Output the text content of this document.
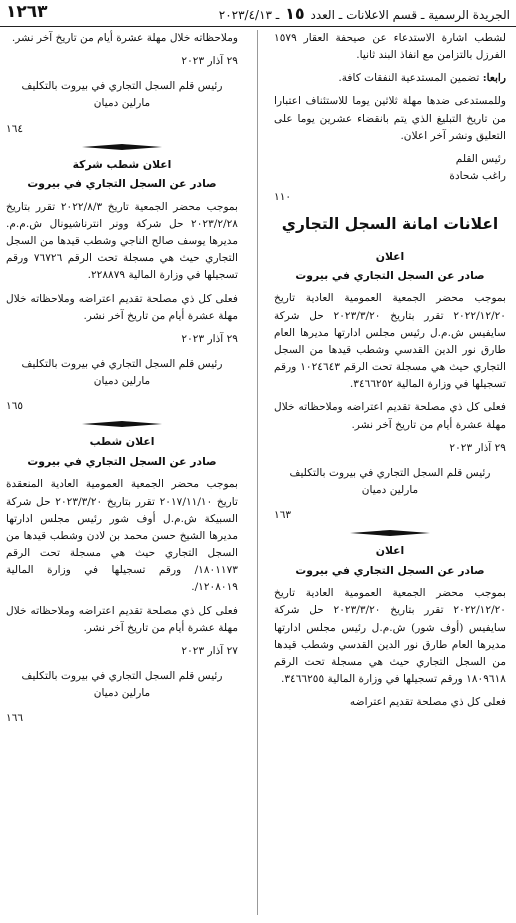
١٢٦٣	الجريدة الرسمية ـ قسم الاعلانات ـ العدد ١٥ ـ ٢٠٢٣/٤/١٣

لشطب اشارة الاستدعاء عن صيحفة العقار ١٥٧٩ الفرزل بالتزامن مع انفاذ البند ثانيا.

رابعا: تضمين المستدعية النفقات كافة.

وللمستدعى ضدها مهلة ثلاثين يوما للاستئناف اعتبارا من تاريخ التبليغ الذي يتم بانقضاء عشرين يوما على التعليق ونشر آخر اعلان.

رئيس القلم

راغب شحادة

١١٠

اعلانات امانة السجل التجاري

اعلان

صادر عن السجل التجاري في بيروت

بموجب محضر الجمعية العمومية العادية تاريخ ٢٠٢٢/١٢/٢٠ تقرر بتاريخ ٢٠٢٣/٣/٢٠ حل شركة سايفيس ش.م.ل رئيس مجلس ادارتها مديرها العام طارق نور الدين القدسي وشطب قيدها من السجل التجاري حيث هي مسجلة تحت الرقم ١٠٢٤٦٤٣ ورقم تسجيلها في وزارة المالية ٣٤٦٦٢٥٢.

فعلى كل ذي مصلحة تقديم اعتراضه وملاحظاته خلال مهلة عشرة أيام من تاريخ آخر نشر.

٢٩ آذار ٢٠٢٣

رئيس قلم السجل التجاري في بيروت بالتكليف

مارلين دميان

١٦٣

اعلان

صادر عن السجل التجاري في بيروت

بموجب محضر الجمعية العمومية العادية تاريخ ٢٠٢٢/١٢/٢٠ تقرر بتاريخ ٢٠٢٣/٣/٢٠ حل شركة سايفيس (أوف شور) ش.م.ل رئيس مجلس ادارتها مديرها العام طارق نور الدين القدسي وشطب قيدها من السجل التجاري حيث هي مسجلة تحت الرقم ١٨٠٩٦١٨ ورقم تسجيلها في وزارة المالية ٣٤٦٦٢٥٥.

فعلى كل ذي مصلحة تقديم اعتراضه

وملاحظاته خلال مهلة عشرة أيام من تاريخ آخر نشر.

٢٩ آذار ٢٠٢٣

رئيس قلم السجل التجاري في بيروت بالتكليف

مارلين دميان

١٦٤

اعلان شطب شركة

صادر عن السجل التجاري في بيروت

بموجب محضر الجمعية تاريخ ٢٠٢٢/٨/٣ تقرر بتاريخ ٢٠٢٣/٢/٢٨ حل شركة وونر انترناشيونال ش.م.م. مديرها يوسف صالح الناجي وشطب قيدها من السجل التجاري حيث هي مسجلة تحت الرقم ٧٦٧٢٦ ورقم تسجيلها في وزارة المالية ٢٢٨٨٧٩.

فعلى كل ذي مصلحة تقديم اعتراضه وملاحظاته خلال مهلة عشرة أيام من تاريخ آخر نشر.

٢٩ آذار ٢٠٢٣

رئيس قلم السجل التجاري في بيروت بالتكليف

مارلين دميان

١٦٥

اعلان شطب

صادر عن السجل التجاري في بيروت

بموجب محضر الجمعية العمومية العادية المنعقدة تاريخ ٢٠١٧/١١/١٠ تقرر بتاريخ ٢٠٢٣/٣/٢٠ حل شركة السبيكة ش.م.ل أوف شور رئيس مجلس ادارتها مديرها الشيخ حسن محمد بن لادن وشطب قيدها من السجل التجاري حيث هي مسجلة تحت الرقم ١٨٠١١٧٣/ ورقم تسجيلها في وزارة المالية ١٢٠٨٠١٩/.

فعلى كل ذي مصلحة تقديم اعتراضه وملاحظاته خلال مهلة عشرة أيام من تاريخ آخر نشر.

٢٧ آذار ٢٠٢٣

رئيس قلم السجل التجاري في بيروت بالتكليف

مارلين دميان

١٦٦
